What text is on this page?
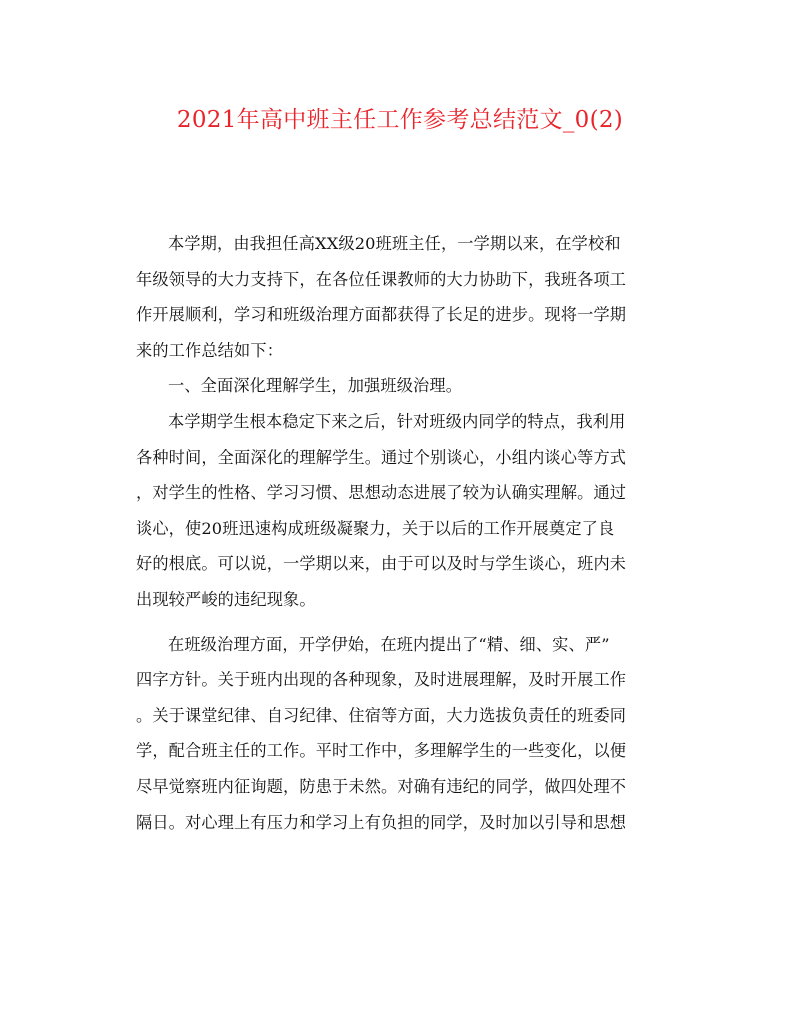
2021年高中班主任工作参考总结范文_0(2)
本学期，由我担任高XX级20班班主任，一学期以来，在学校和
年级领导的大力支持下，在各位任课教师的大力协助下，我班各项工
作开展顺利，学习和班级治理方面都获得了长足的进步。现将一学期
来的工作总结如下：
一、全面深化理解学生，加强班级治理。
本学期学生根本稳定下来之后，针对班级内同学的特点，我利用
各种时间，全面深化的理解学生。通过个别谈心，小组内谈心等方式
，对学生的性格、学习习惯、思想动态进展了较为认确实理解。通过
谈心，使20班迅速构成班级凝聚力，关于以后的工作开展奠定了良
好的根底。可以说，一学期以来，由于可以及时与学生谈心，班内未
出现较严峻的违纪现象。
在班级治理方面，开学伊始，在班内提出了“精、细、实、严”
四字方针。关于班内出现的各种现象，及时进展理解，及时开展工作
。关于课堂纪律、自习纪律、住宿等方面，大力选拔负责任的班委同
学，配合班主任的工作。平时工作中，多理解学生的一些变化，以便
尽早觉察班内征询题，防患于未然。对确有违纪的同学，做四处理不
隔日。对心理上有压力和学习上有负担的同学，及时加以引导和思想
